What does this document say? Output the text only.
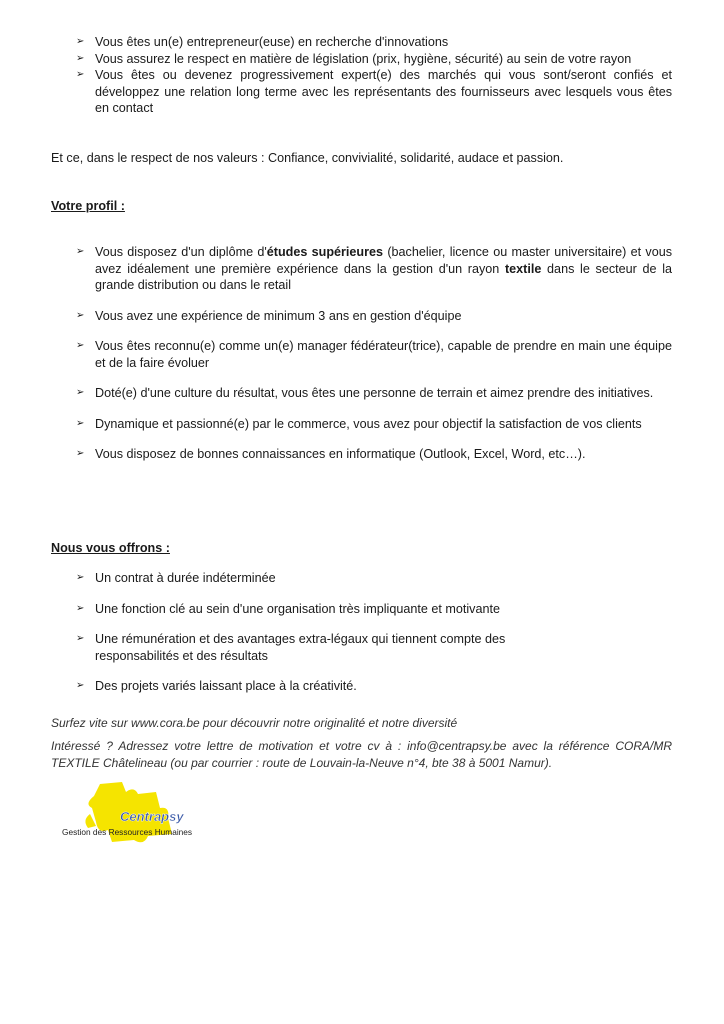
➢ Vous êtes un(e) entrepreneur(euse) en recherche d'innovations
➢ Vous assurez le respect en matière de législation (prix, hygiène, sécurité) au sein de votre rayon
➢ Vous êtes ou devenez progressivement expert(e) des marchés qui vous sont/seront confiés et développez une relation long terme avec les représentants des fournisseurs avec lesquels vous êtes en contact
Et ce, dans le respect de nos valeurs : Confiance, convivialité, solidarité, audace et passion.
Votre profil :
➢ Vous disposez d'un diplôme d'études supérieures (bachelier, licence ou master universitaire) et vous avez idéalement une première expérience dans la gestion d'un rayon textile dans le secteur de la grande distribution ou dans le retail
➢ Vous avez une expérience de minimum 3 ans en gestion d'équipe
➢ Vous êtes reconnu(e) comme un(e) manager fédérateur(trice), capable de prendre en main une équipe et de la faire évoluer
➢ Doté(e) d'une culture du résultat, vous êtes une personne de terrain et aimez prendre des initiatives.
➢ Dynamique et passionné(e) par le commerce, vous avez pour objectif la satisfaction de vos clients
➢ Vous disposez de bonnes connaissances en informatique (Outlook, Excel, Word, etc…).
Nous vous offrons :
➢ Un contrat à durée indéterminée
➢ Une fonction clé au sein d'une organisation très impliquante et motivante
➢ Une rémunération et des avantages extra-légaux qui tiennent compte des responsabilités et des résultats
➢ Des projets variés laissant place à la créativité.
Surfez vite sur www.cora.be pour découvrir notre originalité et notre diversité
Intéressé ? Adressez votre lettre de motivation et votre cv à : info@centrapsy.be avec la référence CORA/MR TEXTILE Châtelineau (ou par courrier : route de Louvain-la-Neuve n°4, bte 38 à 5001 Namur).
Centrapsy
Gestion des Ressources Humaines
